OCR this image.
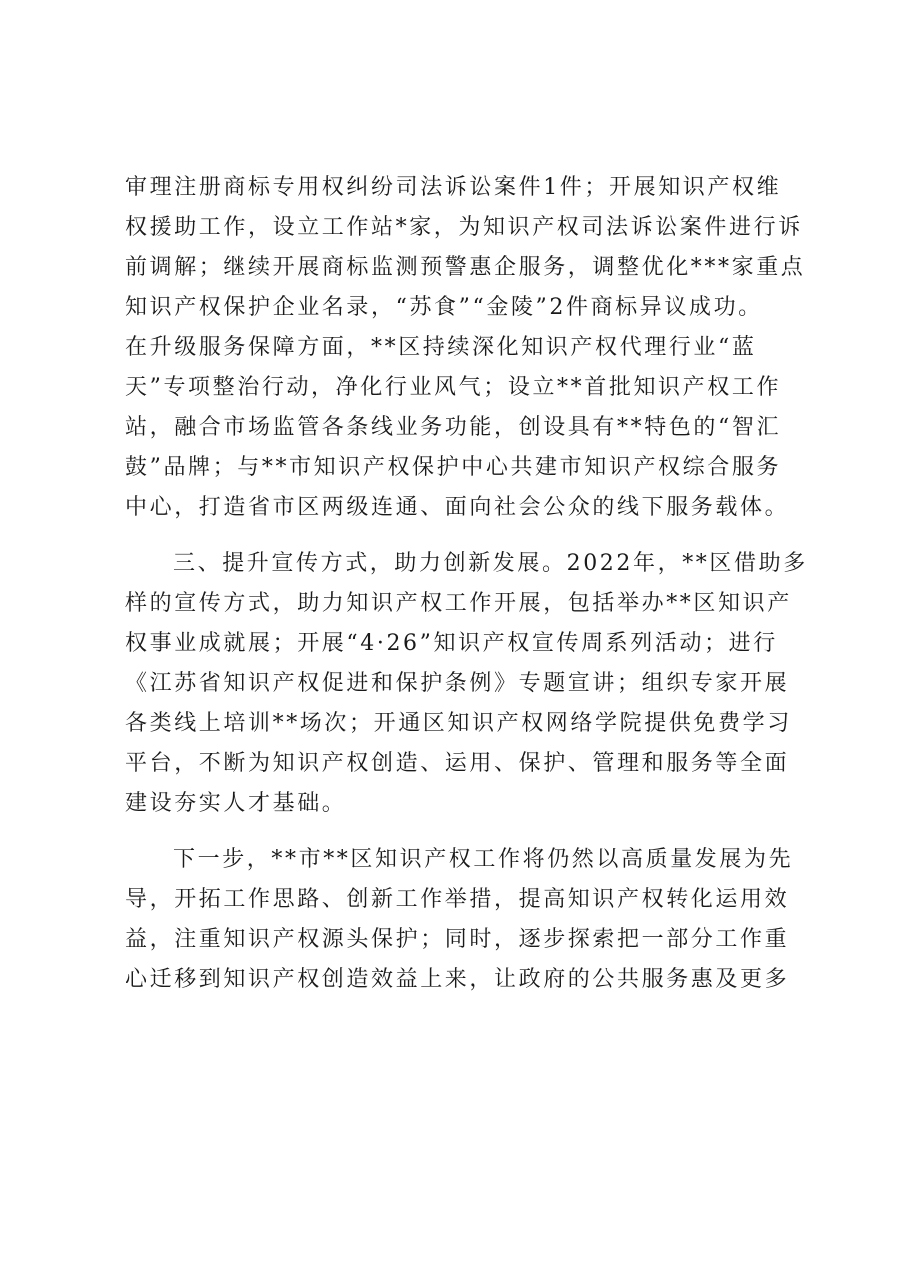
审理注册商标专用权纠纷司法诉讼案件1件；开展知识产权维
权援助工作，设立工作站*家，为知识产权司法诉讼案件进行诉
前调解；继续开展商标监测预警惠企服务，调整优化***家重点
知识产权保护企业名录，“苏食”“金陵”2件商标异议成功。
在升级服务保障方面，**区持续深化知识产权代理行业“蓝
天”专项整治行动，净化行业风气；设立**首批知识产权工作
站，融合市场监管各条线业务功能，创设具有**特色的“智汇
鼓”品牌；与**市知识产权保护中心共建市知识产权综合服务
中心，打造省市区两级连通、面向社会公众的线下服务载体。
三、提升宣传方式，助力创新发展。2022年，**区借助多
样的宣传方式，助力知识产权工作开展，包括举办**区知识产
权事业成就展；开展“4·26”知识产权宣传周系列活动；进行
《江苏省知识产权促进和保护条例》专题宣讲；组织专家开展
各类线上培训**场次；开通区知识产权网络学院提供免费学习
平台，不断为知识产权创造、运用、保护、管理和服务等全面
建设夯实人才基础。
下一步，**市**区知识产权工作将仍然以高质量发展为先
导，开拓工作思路、创新工作举措，提高知识产权转化运用效
益，注重知识产权源头保护；同时，逐步探索把一部分工作重
心迁移到知识产权创造效益上来，让政府的公共服务惠及更多
